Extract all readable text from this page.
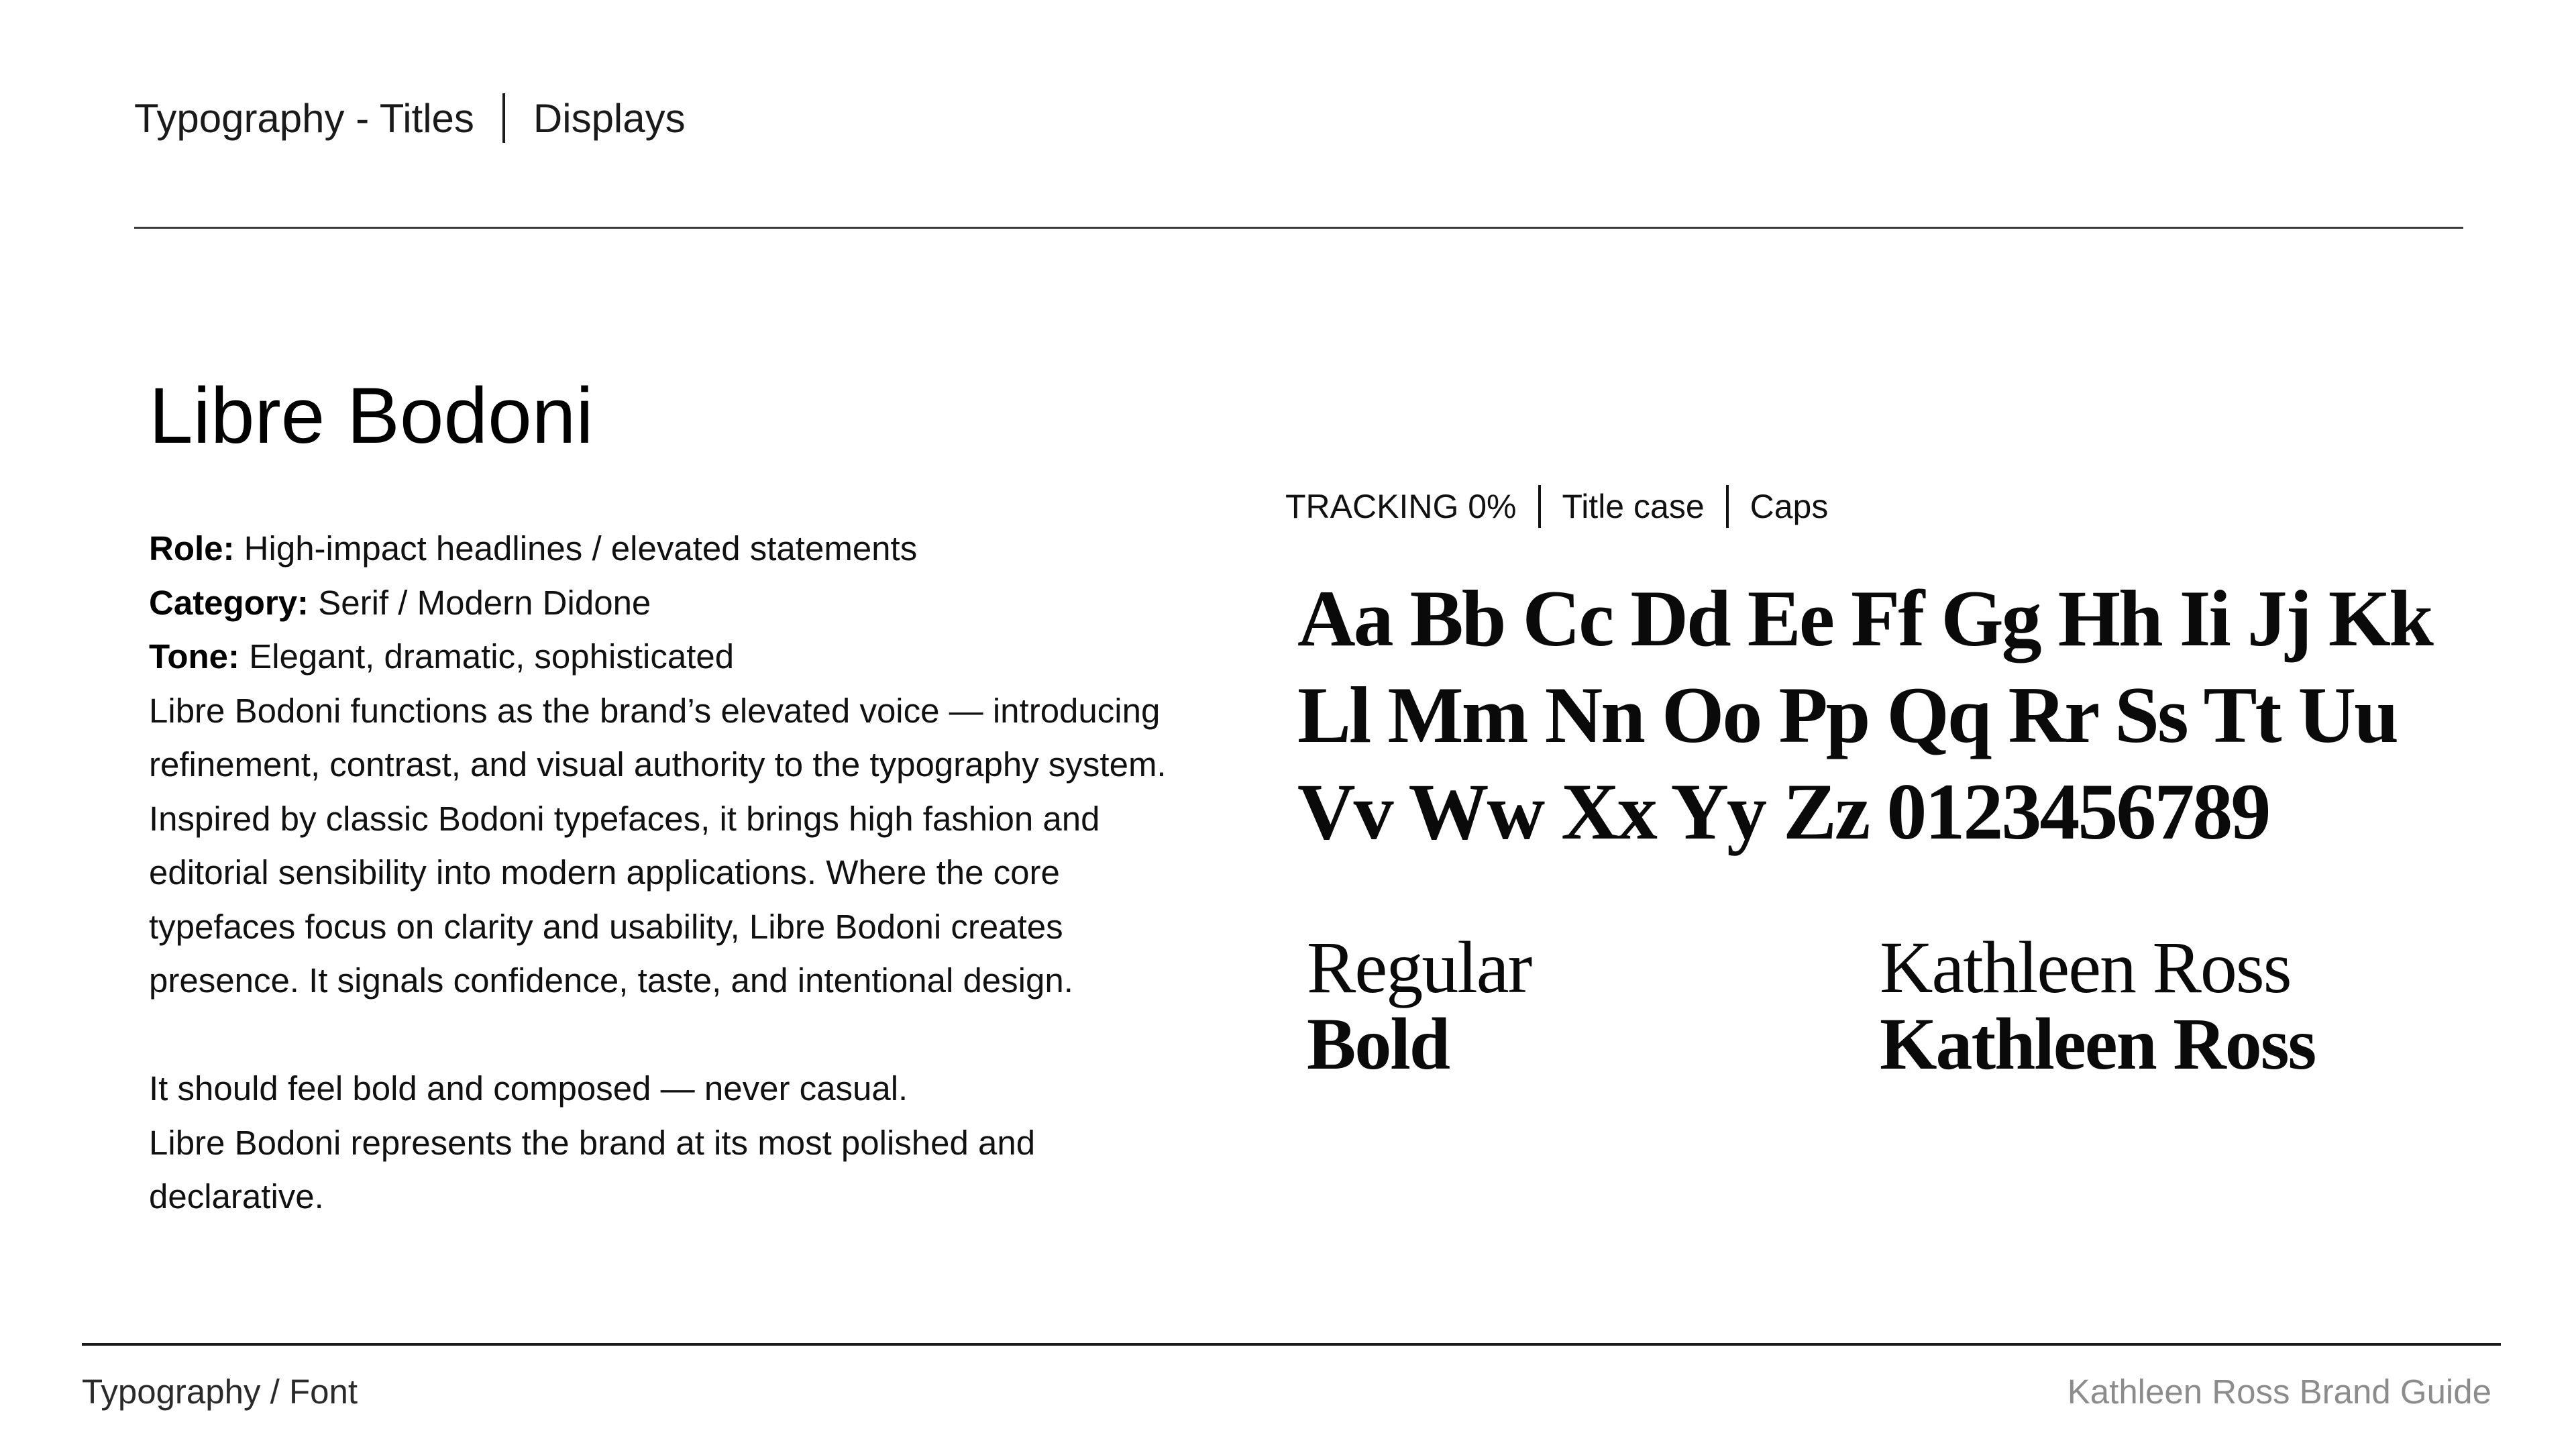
Typography - Titles Displays
Libre Bodoni

Role: High-impact headlines / elevated statements

Category: Serif / Modern Didone

Tone: Elegant, dramatic, sophisticated

Libre Bodoni functions as the brand’s elevated voice — introducing

refinement, contrast, and visual authority to the typography system.

Inspired by classic Bodoni typefaces, it brings high fashion and

editorial sensibility into modern applications. Where the core

typefaces focus on clarity and usability, Libre Bodoni creates

presence. It signals confidence, taste, and intentional design.

It should feel bold and composed — never casual.

Libre Bodoni represents the brand at its most polished and

declarative.

TRACKING 0% Title case Caps
Aa Bb Cc Dd Ee Ff Gg Hh Ii Jj Kk
Ll Mm Nn Oo Pp Qq Rr Ss Tt Uu
Vv Ww Xx Yy Zz 0123456789
Regular
Bold
Kathleen Ross
Kathleen Ross
Typography / Font	Kathleen Ross Brand Guide
